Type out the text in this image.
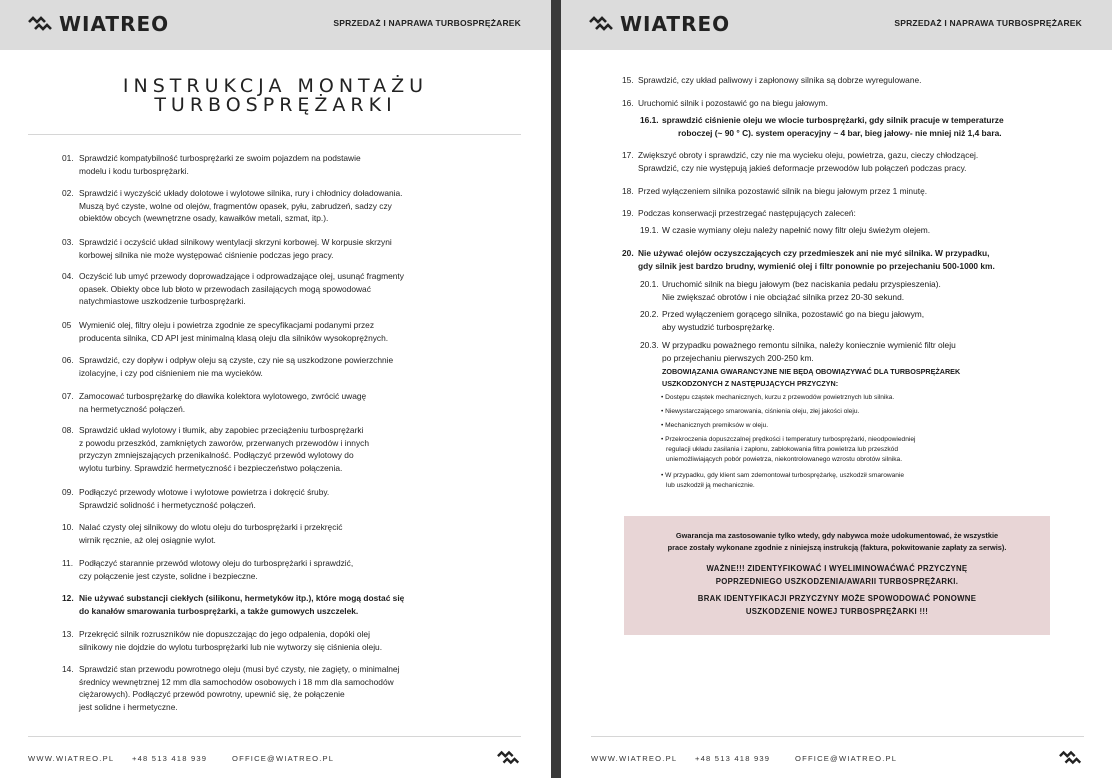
WIATREO	SPRZEDAŻ I NAPRAWA TURBOSPRĘŻAREK
INSTRUKCJA MONTAŻU
TURBOSPRĘŻARKI
01. Sprawdzić kompatybilność turbosprężarki ze swoim pojazdem na podstawie
modelu i kodu turbosprężarki.
02. Sprawdzić i wyczyścić układy dolotowe i wylotowe silnika, rury i chłodnicy doładowania.
Muszą być czyste, wolne od olejów, fragmentów opasek, pyłu, zabrudzeń, sadzy czy
obiektów obcych (wewnętrzne osady, kawałków metali, szmat, itp.).
03. Sprawdzić i oczyścić układ silnikowy wentylacji skrzyni korbowej. W korpusie skrzyni
korbowej silnika nie może występować ciśnienie podczas jego pracy.
04. Oczyścić lub umyć przewody doprowadzające i odprowadzające olej, usunąć fragmenty
opasek. Obiekty obce lub błoto w przewodach zasilających mogą spowodować
natychmiastowe uszkodzenie turbosprężarki.
05 Wymienić olej, filtry oleju i powietrza zgodnie ze specyfikacjami podanymi przez
producenta silnika, CD API jest minimalną klasą oleju dla silników wysokoprężnych.
06. Sprawdzić, czy dopływ i odpływ oleju są czyste, czy nie są uszkodzone powierzchnie
izolacyjne, i czy pod ciśnieniem nie ma wycieków.
07. Zamocować turbosprężarkę do dławika kolektora wylotowego, zwrócić uwagę
na hermetyczność połączeń.
08. Sprawdzić układ wylotowy i tłumik, aby zapobiec przeciążeniu turbosprężarki
z powodu przeszkód, zamkniętych zaworów, przerwanych przewodów i innych
przyczyn zmniejszających przenikalność. Podłączyć przewód wylotowy do
wylotu turbiny. Sprawdzić hermetyczność i bezpieczeństwo połączenia.
09. Podłączyć przewody wlotowe i wylotowe powietrza i dokręcić śruby.
Sprawdzić solidność i hermetyczność połączeń.
10. Nalać czysty olej silnikowy do wlotu oleju do turbosprężarki i przekręcić
wirnik ręcznie, aż olej osiągnie wylot.
11. Podłączyć starannie przewód wlotowy oleju do turbosprężarki i sprawdzić,
czy połączenie jest czyste, solidne i bezpieczne.
12. Nie używać substancji ciekłych (silikonu, hermetyków itp.), które mogą dostać się
do kanałów smarowania turbosprężarki, a także gumowych uszczelek.
13. Przekręcić silnik rozruszników nie dopuszczając do jego odpalenia, dopóki olej
silnikowy nie dojdzie do wylotu turbosprężarki lub nie wytworzy się ciśnienia oleju.
14. Sprawdzić stan przewodu powrotnego oleju (musi być czysty, nie zagięty, o minimalnej
średnicy wewnętrznej 12 mm dla samochodów osobowych i 18 mm dla samochodów
ciężarowych). Podłączyć przewód powrotny, upewnić się, że połączenie
jest solidne i hermetyczne.
WWW.WIATREO.PL +48 513 418 939	OFFICE@WIATREO.PL
WIATREO	SPRZEDAŻ I NAPRAWA TURBOSPRĘŻAREK
15. Sprawdzić, czy układ paliwowy i zapłonowy silnika są dobrze wyregulowane.
16. Uruchomić silnik i pozostawić go na biegu jałowym.
17. Zwiększyć obroty i sprawdzić, czy nie ma wycieku oleju, powietrza, gazu, cieczy chłodzącej.
Sprawdzić, czy nie występują jakieś deformacje przewodów lub połączeń podczas pracy.
18. Przed wyłączeniem silnika pozostawić silnik na biegu jałowym przez 1 minutę.
19. Podczas konserwacji przestrzegać następujących zaleceń:
20. Nie używać olejów oczyszczających czy przedmieszek ani nie myć silnika. W przypadku,
gdy silnik jest bardzo brudny, wymienić olej i filtr ponownie po przejechaniu 500-1000 km.
WWW.WIATREO.PL +48 513 418 939	OFFICE@WIATREO.PL
16.1. sprawdzić ciśnienie oleju we wlocie turbosprężarki, gdy silnik pracuje w temperaturze
roboczej (~ 90 ° C). system operacyjny ~ 4 bar, bieg jałowy- nie mniej niż 1,4 bara.
19.1. W czasie wymiany oleju należy napełnić nowy filtr oleju świeżym olejem.
20.1. Uruchomić silnik na biegu jałowym (bez naciskania pedału przyspieszenia).
Nie zwiększać obrotów i nie obciążać silnika przez 20-30 sekund.
20.2. Przed wyłączeniem gorącego silnika, pozostawić go na biegu jałowym,
aby wystudzić turbosprężarkę.
20.3. W przypadku poważnego remontu silnika, należy koniecznie wymienić filtr oleju
po przejechaniu pierwszych 200-250 km.
ZOBOWIĄZANIA GWARANCYJNE NIE BĘDĄ OBOWIĄZYWAĆ DLA TURBOSPRĘŻAREK
USZKODZONYCH Z NASTĘPUJĄCYCH PRZYCZYN:
• Dostępu cząstek mechanicznych, kurzu z przewodów powietrznych lub silnika.
• Niewystarczającego smarowania, ciśnienia oleju, złej jakości oleju.
• Mechanicznych premiksów w oleju.
• Przekroczenia dopuszczalnej prędkości i temperatury turbosprężarki, nieodpowiedniej
regulacji układu zasilania i zapłonu, zablokowania filtra powietrza lub przeszkód
uniemożliwiających pobór powietrza, niekontrolowanego wzrostu obrotów silnika.
• W przypadku, gdy klient sam zdemontował turbosprężarkę, uszkodził smarowanie
lub uszkodził ją mechanicznie.
Gwarancja ma zastosowanie tylko wtedy, gdy nabywca może udokumentować, że wszystkie
prace zostały wykonane zgodnie z niniejszą instrukcją (faktura, pokwitowanie zapłaty za serwis).
WAŻNE!!! ZIDENTYFIKOWAĆ I WYELIMINOWAĆWAĆ PRZYCZYNĘ
POPRZEDNIEGO USZKODZENIA/AWARII TURBOSPRĘŻARKI.
BRAK IDENTYFIKACJI PRZYCZYNY MOŻE SPOWODOWAĆ PONOWNE
USZKODZENIE NOWEJ TURBOSPRĘŻARKI !!!
